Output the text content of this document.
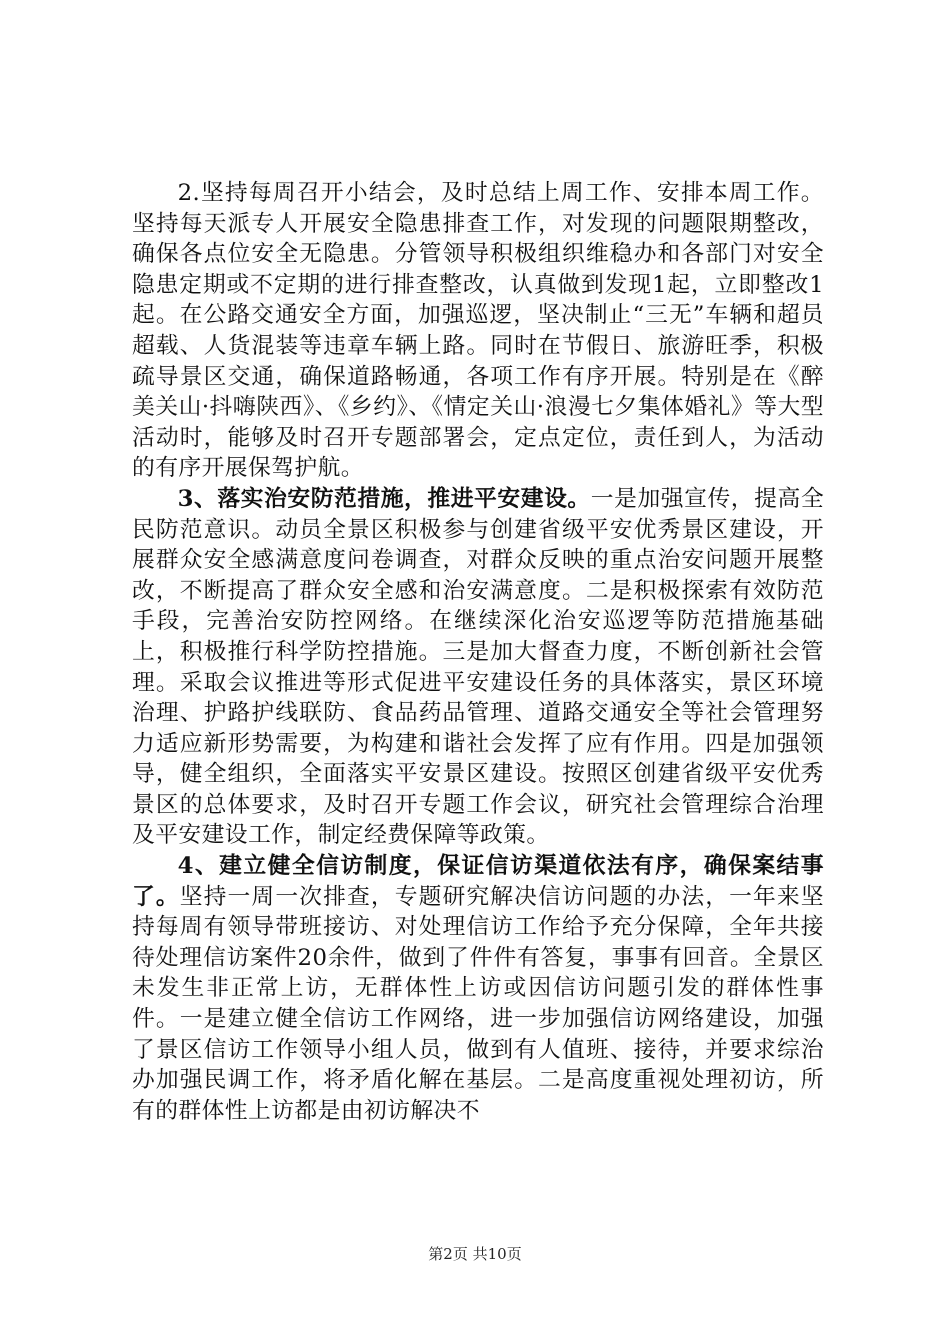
2.坚持每周召开小结会，及时总结上周工作、安排本周工作。坚持每天派专人开展安全隐患排查工作，对发现的问题限期整改，确保各点位安全无隐患。分管领导积极组织维稳办和各部门对安全隐患定期或不定期的进行排查整改，认真做到发现1起，立即整改1起。在公路交通安全方面，加强巡逻，坚决制止“三无”车辆和超员超载、人货混装等违章车辆上路。同时在节假日、旅游旺季，积极疏导景区交通，确保道路畅通，各项工作有序开展。特别是在《醉美关山·抖嗨陕西》、《乡约》、《情定关山·浪漫七夕集体婚礼》等大型活动时，能够及时召开专题部署会，定点定位，责任到人，为活动的有序开展保驾护航。

3、落实治安防范措施，推进平安建设。一是加强宣传，提高全民防范意识。动员全景区积极参与创建省级平安优秀景区建设，开展群众安全感满意度问卷调查，对群众反映的重点治安问题开展整改，不断提高了群众安全感和治安满意度。二是积极探索有效防范手段，完善治安防控网络。在继续深化治安巡逻等防范措施基础上，积极推行科学防控措施。三是加大督查力度，不断创新社会管理。采取会议推进等形式促进平安建设任务的具体落实，景区环境治理、护路护线联防、食品药品管理、道路交通安全等社会管理努力适应新形势需要，为构建和谐社会发挥了应有作用。四是加强领导，健全组织，全面落实平安景区建设。按照区创建省级平安优秀景区的总体要求，及时召开专题工作会议，研究社会管理综合治理及平安建设工作，制定经费保障等政策。

4、建立健全信访制度，保证信访渠道依法有序，确保案结事了。坚持一周一次排查，专题研究解决信访问题的办法，一年来坚持每周有领导带班接访、对处理信访工作给予充分保障，全年共接待处理信访案件20余件，做到了件件有答复，事事有回音。全景区未发生非正常上访，无群体性上访或因信访问题引发的群体性事件。一是建立健全信访工作网络，进一步加强信访网络建设，加强了景区信访工作领导小组人员，做到有人值班、接待，并要求综治办加强民调工作，将矛盾化解在基层。二是高度重视处理初访，所有的群体性上访都是由初访解决不

第2页 共10页
